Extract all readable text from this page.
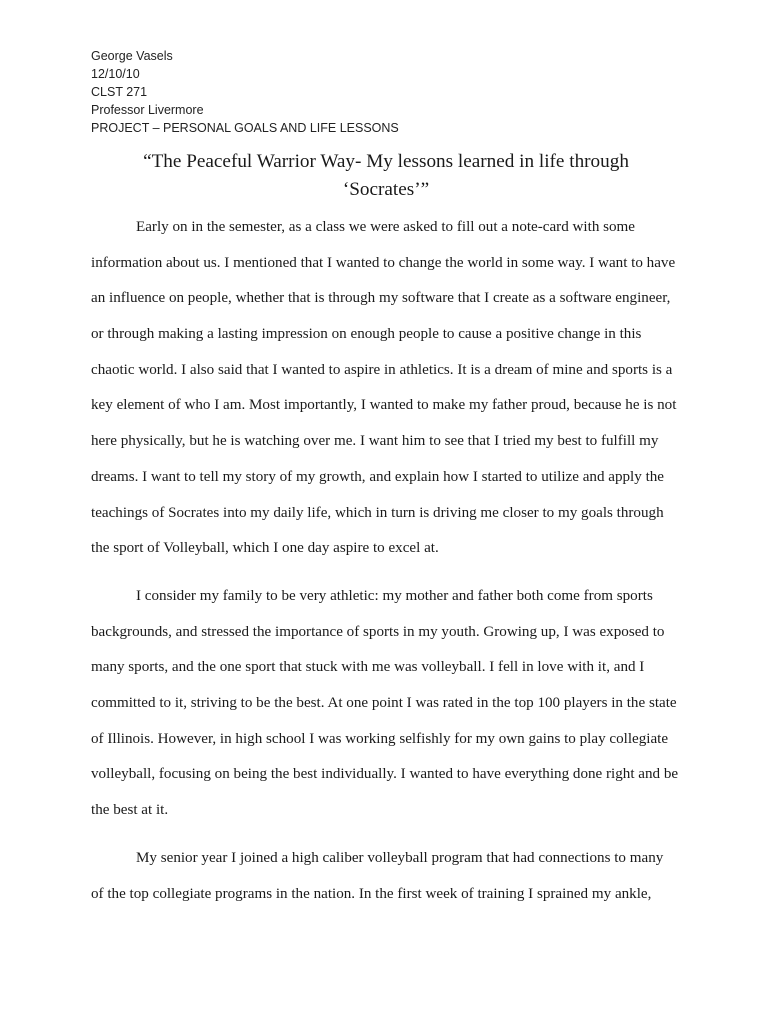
George Vasels
12/10/10
CLST 271
Professor Livermore
PROJECT – PERSONAL GOALS AND LIFE LESSONS
“The Peaceful Warrior Way- My lessons learned in life through
‘Socrates’”
Early on in the semester, as a class we were asked to fill out a note-card with some
information about us. I mentioned that I wanted to change the world in some way. I want to have
an influence on people, whether that is through my software that I create as a software engineer,
or through making a lasting impression on enough people to cause a positive change in this
chaotic world. I also said that I wanted to aspire in athletics. It is a dream of mine and sports is a
key element of who I am. Most importantly, I wanted to make my father proud, because he is not
here physically, but he is watching over me. I want him to see that I tried my best to fulfill my
dreams. I want to tell my story of my growth, and explain how I started to utilize and apply the
teachings of Socrates into my daily life, which in turn is driving me closer to my goals through
the sport of Volleyball, which I one day aspire to excel at.
I consider my family to be very athletic: my mother and father both come from sports
backgrounds, and stressed the importance of sports in my youth. Growing up, I was exposed to
many sports, and the one sport that stuck with me was volleyball. I fell in love with it, and I
committed to it, striving to be the best. At one point I was rated in the top 100 players in the state
of Illinois. However, in high school I was working selfishly for my own gains to play collegiate
volleyball, focusing on being the best individually. I wanted to have everything done right and be
the best at it.
My senior year I joined a high caliber volleyball program that had connections to many
of the top collegiate programs in the nation. In the first week of training I sprained my ankle,
